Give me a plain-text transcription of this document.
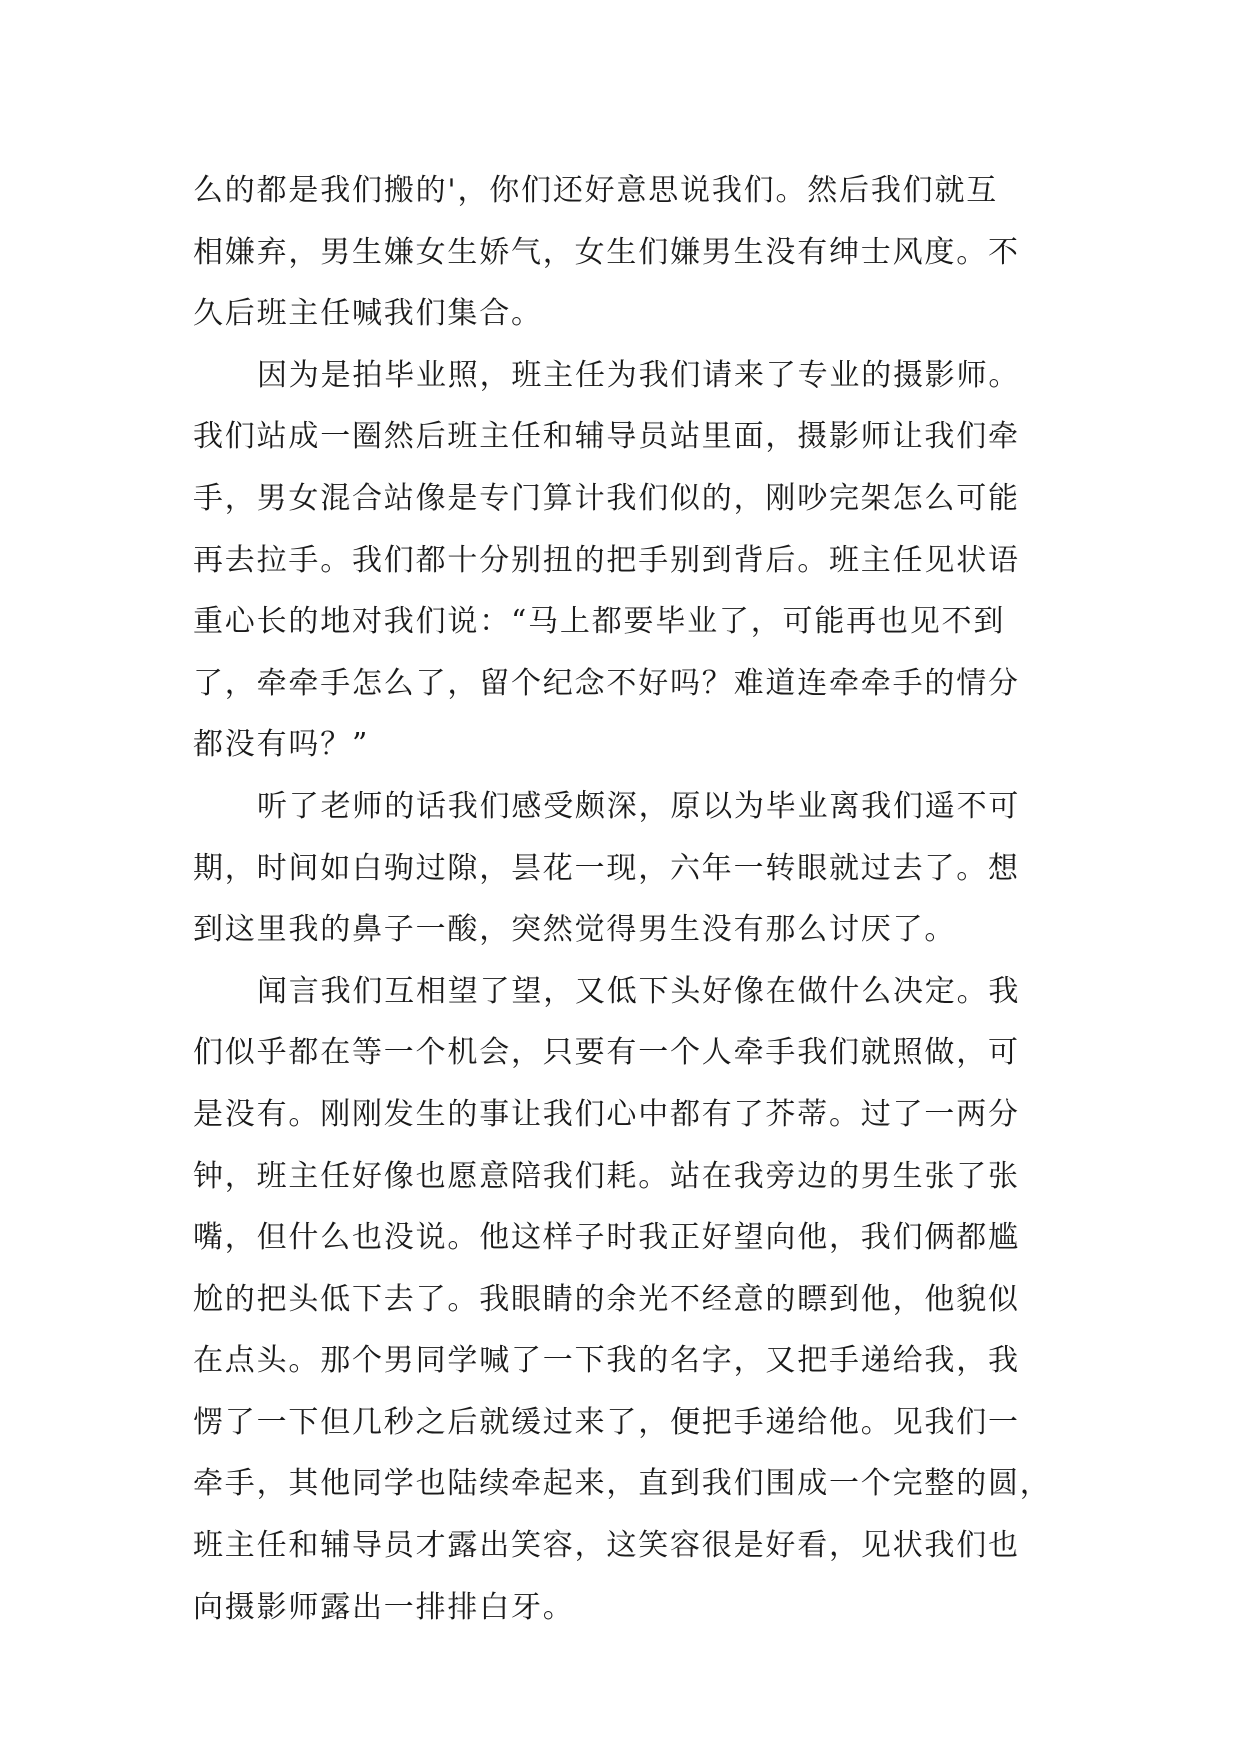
么的都是我们搬的'，你们还好意思说我们。然后我们就互
相嫌弃，男生嫌女生娇气，女生们嫌男生没有绅士风度。不
久后班主任喊我们集合。
因为是拍毕业照，班主任为我们请来了专业的摄影师。
我们站成一圈然后班主任和辅导员站里面，摄影师让我们牵
手，男女混合站像是专门算计我们似的，刚吵完架怎么可能
再去拉手。我们都十分别扭的把手别到背后。班主任见状语
重心长的地对我们说：“马上都要毕业了，可能再也见不到
了，牵牵手怎么了，留个纪念不好吗？难道连牵牵手的情分
都没有吗？”
听了老师的话我们感受颇深，原以为毕业离我们遥不可
期，时间如白驹过隙，昙花一现，六年一转眼就过去了。想
到这里我的鼻子一酸，突然觉得男生没有那么讨厌了。
闻言我们互相望了望，又低下头好像在做什么决定。我
们似乎都在等一个机会，只要有一个人牵手我们就照做，可
是没有。刚刚发生的事让我们心中都有了芥蒂。过了一两分
钟，班主任好像也愿意陪我们耗。站在我旁边的男生张了张
嘴，但什么也没说。他这样子时我正好望向他，我们俩都尴
尬的把头低下去了。我眼睛的余光不经意的瞟到他，他貌似
在点头。那个男同学喊了一下我的名字，又把手递给我，我
愣了一下但几秒之后就缓过来了，便把手递给他。见我们一
牵手，其他同学也陆续牵起来，直到我们围成一个完整的圆，
班主任和辅导员才露出笑容，这笑容很是好看，见状我们也
向摄影师露出一排排白牙。
